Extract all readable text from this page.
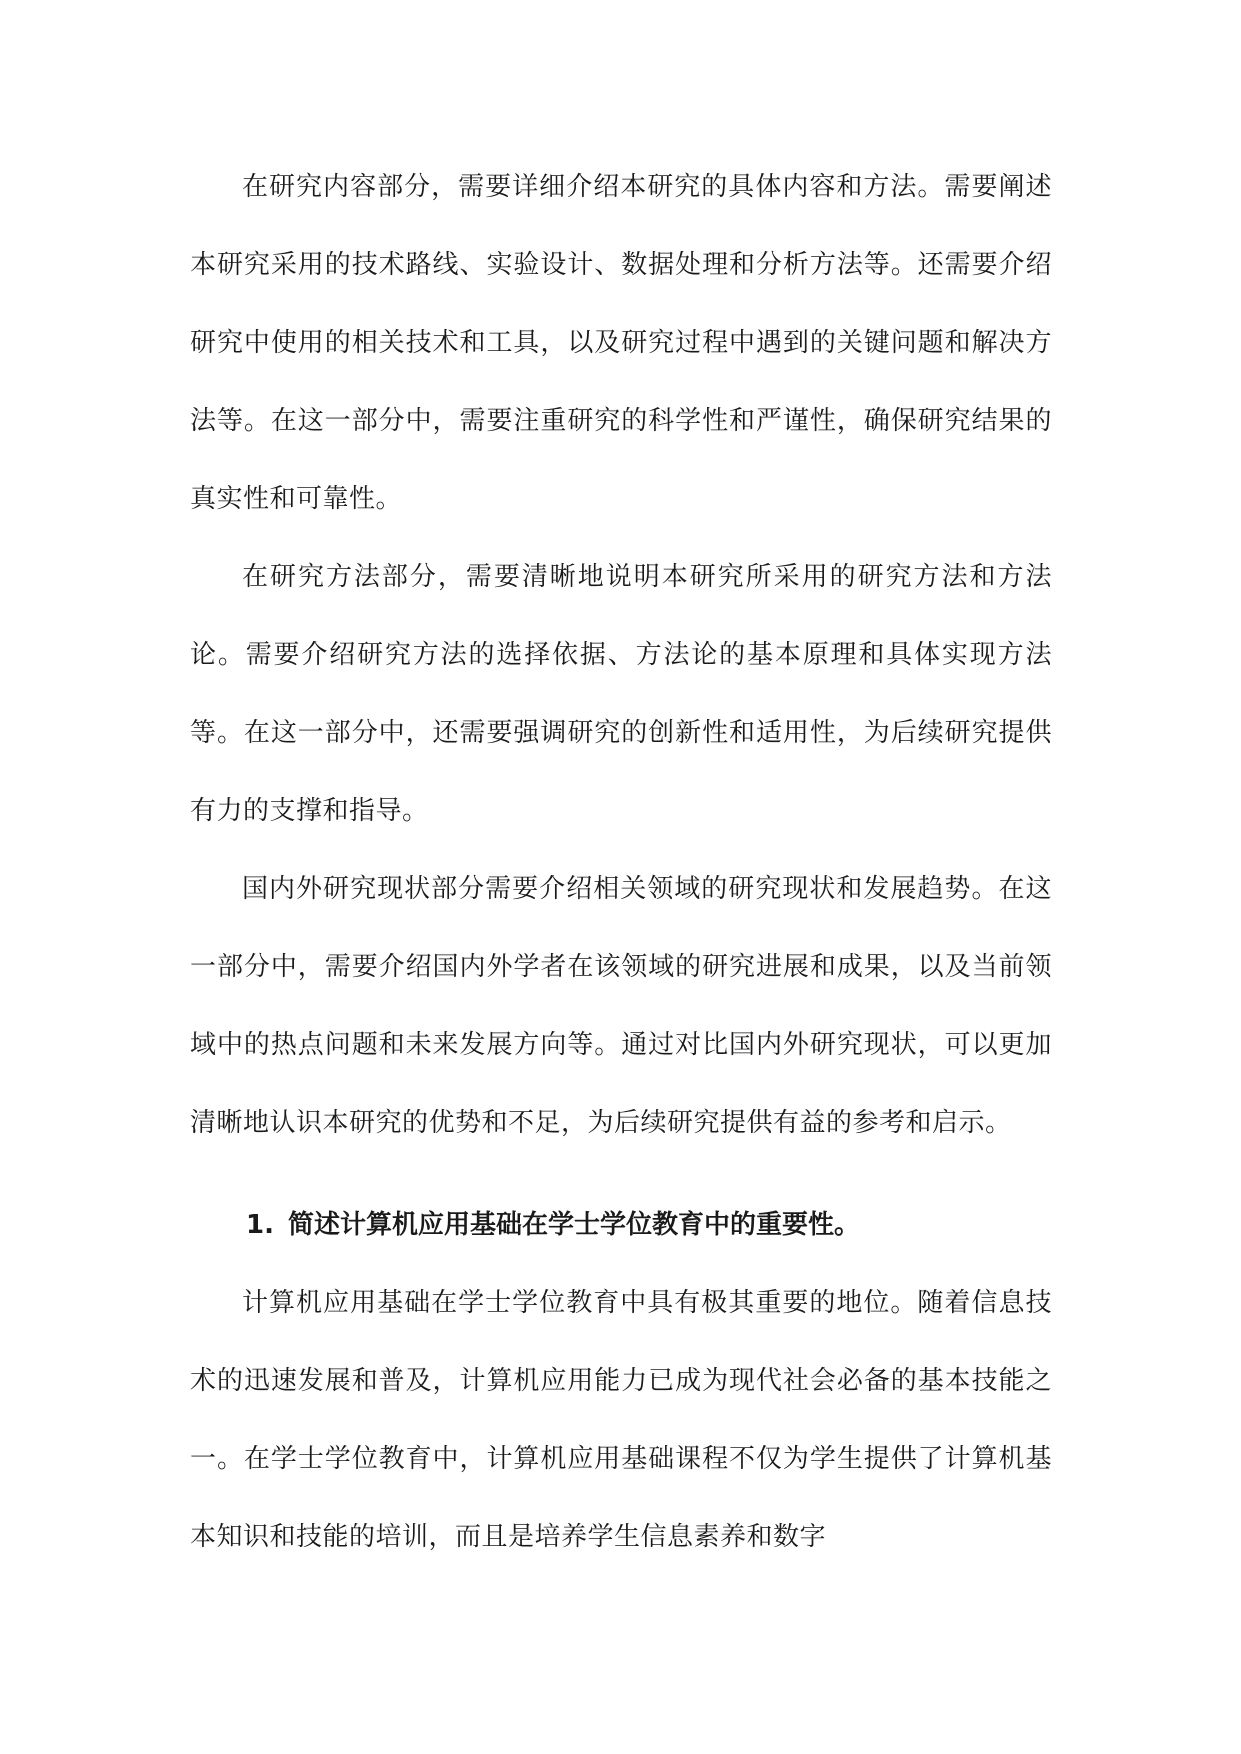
在研究内容部分，需要详细介绍本研究的具体内容和方法。需要阐述本研究采用的技术路线、实验设计、数据处理和分析方法等。还需要介绍研究中使用的相关技术和工具，以及研究过程中遇到的关键问题和解决方法等。在这一部分中，需要注重研究的科学性和严谨性，确保研究结果的真实性和可靠性。

在研究方法部分，需要清晰地说明本研究所采用的研究方法和方法论。需要介绍研究方法的选择依据、方法论的基本原理和具体实现方法等。在这一部分中，还需要强调研究的创新性和适用性，为后续研究提供有力的支撑和指导。

国内外研究现状部分需要介绍相关领域的研究现状和发展趋势。在这一部分中，需要介绍国内外学者在该领域的研究进展和成果，以及当前领域中的热点问题和未来发展方向等。通过对比国内外研究现状，可以更加清晰地认识本研究的优势和不足，为后续研究提供有益的参考和启示。

1. 简述计算机应用基础在学士学位教育中的重要性。

计算机应用基础在学士学位教育中具有极其重要的地位。随着信息技术的迅速发展和普及，计算机应用能力已成为现代社会必备的基本技能之一。在学士学位教育中，计算机应用基础课程不仅为学生提供了计算机基本知识和技能的培训，而且是培养学生信息素养和数字
